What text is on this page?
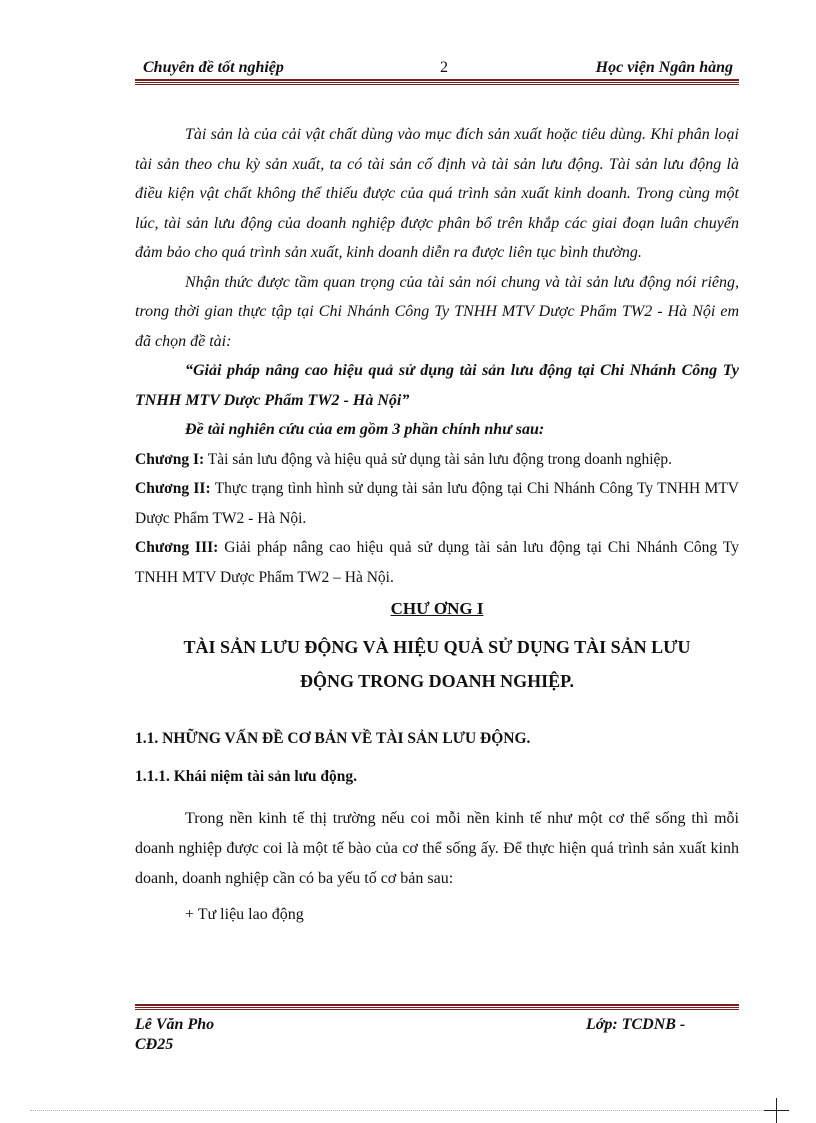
Chuyên đề tốt nghiệp	2	Học viện Ngân hàng

Tài sản là của cải vật chất dùng vào mục đích sản xuất hoặc tiêu dùng. Khi phân loại tài sản theo chu kỳ sản xuất, ta có tài sản cố định và tài sản lưu động. Tài sản lưu động là điều kiện vật chất không thể thiếu được của quá trình sản xuất kinh doanh. Trong cùng một lúc, tài sản lưu động của doanh nghiệp được phân bổ trên khắp các giai đoạn luân chuyển đảm bảo cho quá trình sản xuất, kinh doanh diễn ra được liên tục bình thường.

Nhận thức được tầm quan trọng của tài sản nói chung và tài sản lưu động nói riêng, trong thời gian thực tập tại Chi Nhánh Công Ty TNHH MTV Dược Phẩm TW2 - Hà Nội em đã chọn đề tài:

“Giải pháp nâng cao hiệu quả sử dụng tài sản lưu động tại Chi Nhánh Công Ty TNHH MTV Dược Phẩm TW2 - Hà Nội”

Đề tài nghiên cứu của em gồm 3 phần chính như sau:

Chương I: Tài sản lưu động và hiệu quả sử dụng tài sản lưu động trong doanh nghiệp.

Chương II: Thực trạng tình hình sử dụng tài sản lưu động tại Chi Nhánh Công Ty TNHH MTV Dược Phẩm TW2 - Hà Nội.

Chương III: Giải pháp nâng cao hiệu quả sử dụng tài sản lưu động tại Chi Nhánh Công Ty TNHH MTV Dược Phẩm TW2 – Hà Nội.

CHƯ ƠNG I

TÀI SẢN LƯU ĐỘNG VÀ HIỆU QUẢ SỬ DỤNG TÀI SẢN LƯU

ĐỘNG TRONG DOANH NGHIỆP.

1.1. NHỮNG VẤN ĐỀ CƠ BẢN VỀ TÀI SẢN LƯU ĐỘNG.

1.1.1. Khái niệm tài sản lưu động.

Trong nền kinh tế thị trường nếu coi mỗi nền kinh tế như một cơ thể sống thì mỗi doanh nghiệp được coi là một tế bào của cơ thể sống ấy. Để thực hiện quá trình sản xuất kinh doanh, doanh nghiệp cần có ba yếu tố cơ bản sau:

+ Tư liệu lao động

Lê Văn Pho
CĐ25
Lớp: TCDNB -
